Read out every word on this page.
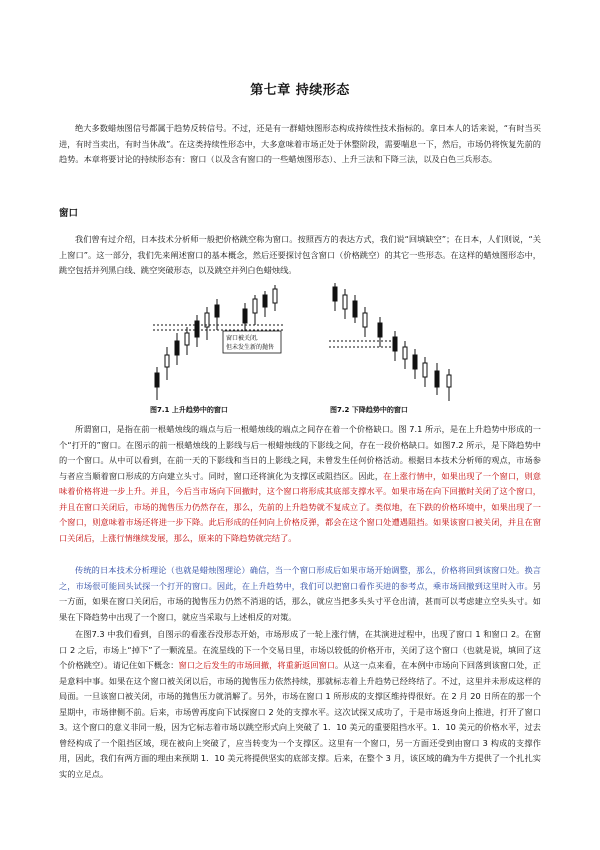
第七章 持续形态

绝大多数蜡烛图信号都属于趋势反转信号。不过，还是有一群蜡烛图形态构成持续性技术指标的。拿日本人的话来说，“有时当买进，有时当卖出，有时当休战”。在这类持续性形态中，大多意味着市场正处于休整阶段，需要喘息一下，然后，市场仍将恢复先前的趋势。本章将要讨论的持续形态有：窗口（以及含有窗口的一些蜡烛图形态）、上升三法和下降三法，以及白色三兵形态。

窗口

我们曾有过介绍，日本技术分析师一般把价格跳空称为窗口。按照西方的表达方式，我们说“回填缺空”；在日本，人们则说，“关上窗口”。这一部分，我们先来阐述窗口的基本概念，然后还要探讨包含窗口（价格跳空）的其它一些形态。在这样的蜡烛图形态中，跳空包括并列黑白线、跳空突破形态，以及跳空并列白色蜡烛线。

窗口被关闭,
但未发生新的抛售
图7.1 上升趋势中的窗口	图7.2 下降趋势中的窗口

所谓窗口，是指在前一根蜡烛线的端点与后一根蜡烛线的端点之间存在着一个价格缺口。图 7.1 所示，是在上升趋势中形成的一个“打开的”窗口。在图示的前一根蜡烛线的上影线与后一根蜡烛线的下影线之间，存在一段价格缺口。如图7.2 所示，是下降趋势中的一个窗口。从中可以看到，在前一天的下影线和当日的上影线之间，未曾发生任何价格活动。根据日本技术分析师的观点，市场参与者应当顺着窗口形成的方向建立头寸。同时，窗口还将演化为支撑区或阻挡区。因此，在上涨行情中，如果出现了一个窗口，则意味着价格将进一步上升。并且，今后当市场向下回撤时，这个窗口将形成其底部支撑水平。如果市场在向下回撤时关闭了这个窗口，并且在窗口关闭后，市场的抛售压力仍然存在，那么，先前的上升趋势就不复成立了。类似地，在下跌的价格环境中，如果出现了一个窗口，则意味着市场还将进一步下降。此后形成的任何向上价格反弹，都会在这个窗口处遭遇阻挡。如果该窗口被关闭，并且在窗口关闭后，上涨行情继续发展，那么，原来的下降趋势就完结了。

传统的日本技术分析理论（也就是蜡烛图理论）确信，当一个窗口形成后如果市场开始调整，那么，价格将回到该窗口处。换言之，市场很可能回头试探一个打开的窗口。因此，在上升趋势中，我们可以把窗口看作买进的参考点，乘市场回撤到这里时入市。另一方面，如果在窗口关闭后，市场的抛售压力仍然不消退的话，那么，就应当把多头头寸平仓出清，甚而可以考虑建立空头头寸。如果在下降趋势中出现了一个窗口，就应当采取与上述相反的对策。

在图7.3 中我们看到，自图示的看涨吞没形态开始，市场形成了一轮上涨行情，在其演进过程中，出现了窗口 1 和窗口 2。在窗口 2 之后，市场上“掉下”了一颗流星。在流星线的下一个交易日里，市场以较低的价格开市，关闭了这个窗口（也就是说，填回了这个价格跳空）。请记住如下概念：窗口之后发生的市场回撤，将重新返回窗口。从这一点来看，在本例中市场向下回落到该窗口处，正是意料中事。如果在这个窗口被关闭以后，市场的抛售压力依然持续，那就标志着上升趋势已经终结了。不过，这里并未形成这样的局面。一旦该窗口被关闭，市场的抛售压力就消解了。另外，市场在窗口 1 所形成的支撑区维持得很好。在 2 月 20 日所在的那一个星期中，市场律侧不前。后来，市场曾再度向下试探窗口 2 处的支撑水平。这次试探又成功了，于是市场返身向上推进，打开了窗口 3。这个窗口的意义非同一般，因为它标志着市场以跳空形式向上突破了 1．10 美元的重要阻挡水平。1．10 美元的价格水平，过去曾经构成了一个阻挡区域，现在被向上突破了，应当转变为一个支撑区。这里有一个窗口，另一方面还受到由窗口 3 构成的支撑作用，因此，我们有两方面的理由来预期 1．10 美元将提供坚实的底部支撑。后来，在整个 3 月，该区域的确为牛方提供了一个扎扎实实的立足点。
